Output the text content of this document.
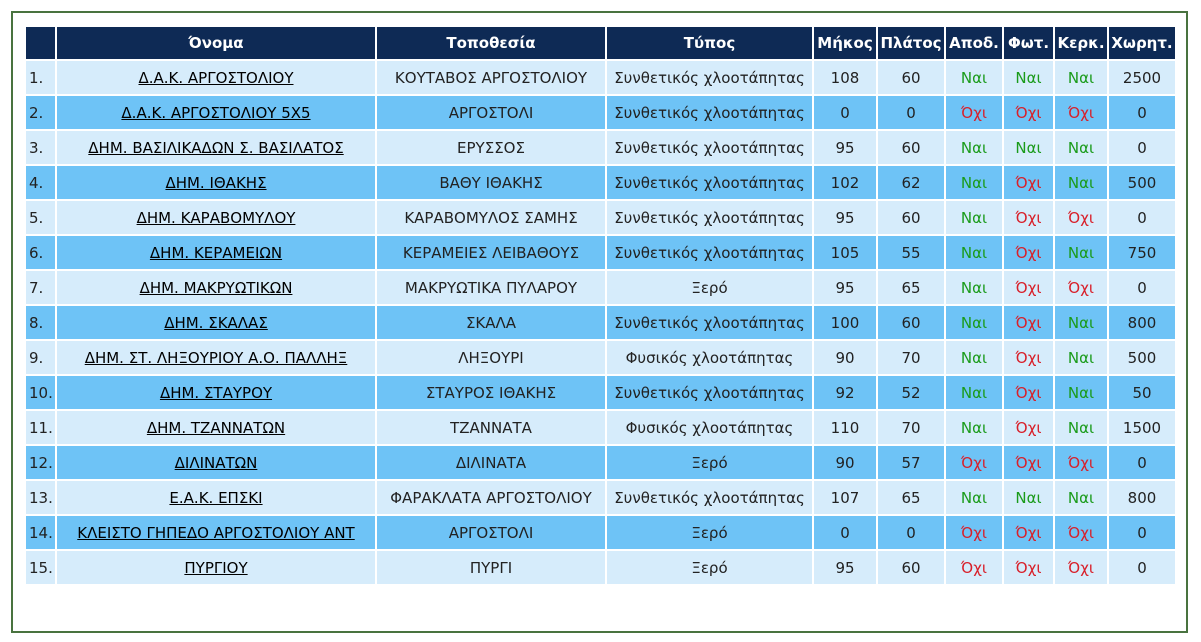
	Όνομα	Τοποθεσία	Τύπος	Μήκος	Πλάτος	Αποδ.	Φωτ.	Κερκ.	Χωρητ.
1.	Δ.Α.Κ. ΑΡΓΟΣΤΟΛΙΟΥ	ΚΟΥΤΑΒΟΣ ΑΡΓΟΣΤΟΛΙΟΥ	Συνθετικός χλοοτάπητας	108	60	Ναι	Ναι	Ναι	2500
2.	Δ.Α.Κ. ΑΡΓΟΣΤΟΛΙΟΥ 5Χ5	ΑΡΓΟΣΤΟΛΙ	Συνθετικός χλοοτάπητας	0	0	Όχι	Όχι	Όχι	0
3.	ΔΗΜ. ΒΑΣΙΛΙΚΑΔΩΝ Σ. ΒΑΣΙΛΑΤΟΣ	ΕΡΥΣΣΟΣ	Συνθετικός χλοοτάπητας	95	60	Ναι	Ναι	Ναι	0
4.	ΔΗΜ. ΙΘΑΚΗΣ	ΒΑΘΥ ΙΘΑΚΗΣ	Συνθετικός χλοοτάπητας	102	62	Ναι	Όχι	Ναι	500
5.	ΔΗΜ. ΚΑΡΑΒΟΜΥΛΟΥ	ΚΑΡΑΒΟΜΥΛΟΣ ΣΑΜΗΣ	Συνθετικός χλοοτάπητας	95	60	Ναι	Όχι	Όχι	0
6.	ΔΗΜ. ΚΕΡΑΜΕΙΩΝ	ΚΕΡΑΜΕΙΕΣ ΛΕΙΒΑΘΟΥΣ	Συνθετικός χλοοτάπητας	105	55	Ναι	Όχι	Ναι	750
7.	ΔΗΜ. ΜΑΚΡΥΩΤΙΚΩΝ	ΜΑΚΡΥΩΤΙΚΑ ΠΥΛΑΡΟΥ	Ξερό	95	65	Ναι	Όχι	Όχι	0
8.	ΔΗΜ. ΣΚΑΛΑΣ	ΣΚΑΛΑ	Συνθετικός χλοοτάπητας	100	60	Ναι	Όχι	Ναι	800
9.	ΔΗΜ. ΣΤ. ΛΗΞΟΥΡΙΟΥ Α.Ο. ΠΑΛΛΗΞ	ΛΗΞΟΥΡΙ	Φυσικός χλοοτάπητας	90	70	Ναι	Όχι	Ναι	500
10.	ΔΗΜ. ΣΤΑΥΡΟΥ	ΣΤΑΥΡΟΣ ΙΘΑΚΗΣ	Συνθετικός χλοοτάπητας	92	52	Ναι	Όχι	Ναι	50
11.	ΔΗΜ. ΤΖΑΝΝΑΤΩΝ	ΤΖΑΝΝΑΤΑ	Φυσικός χλοοτάπητας	110	70	Ναι	Όχι	Ναι	1500
12.	ΔΙΛΙΝΑΤΩΝ	ΔΙΛΙΝΑΤΑ	Ξερό	90	57	Όχι	Όχι	Όχι	0
13.	Ε.Α.Κ. ΕΠΣΚΙ	ΦΑΡΑΚΛΑΤΑ ΑΡΓΟΣΤΟΛΙΟΥ	Συνθετικός χλοοτάπητας	107	65	Ναι	Ναι	Ναι	800
14.	ΚΛΕΙΣΤΟ ΓΗΠΕΔΟ ΑΡΓΟΣΤΟΛΙΟΥ ΑΝΤ	ΑΡΓΟΣΤΟΛΙ	Ξερό	0	0	Όχι	Όχι	Όχι	0
15.	ΠΥΡΓΙΟΥ	ΠΥΡΓΙ	Ξερό	95	60	Όχι	Όχι	Όχι	0
